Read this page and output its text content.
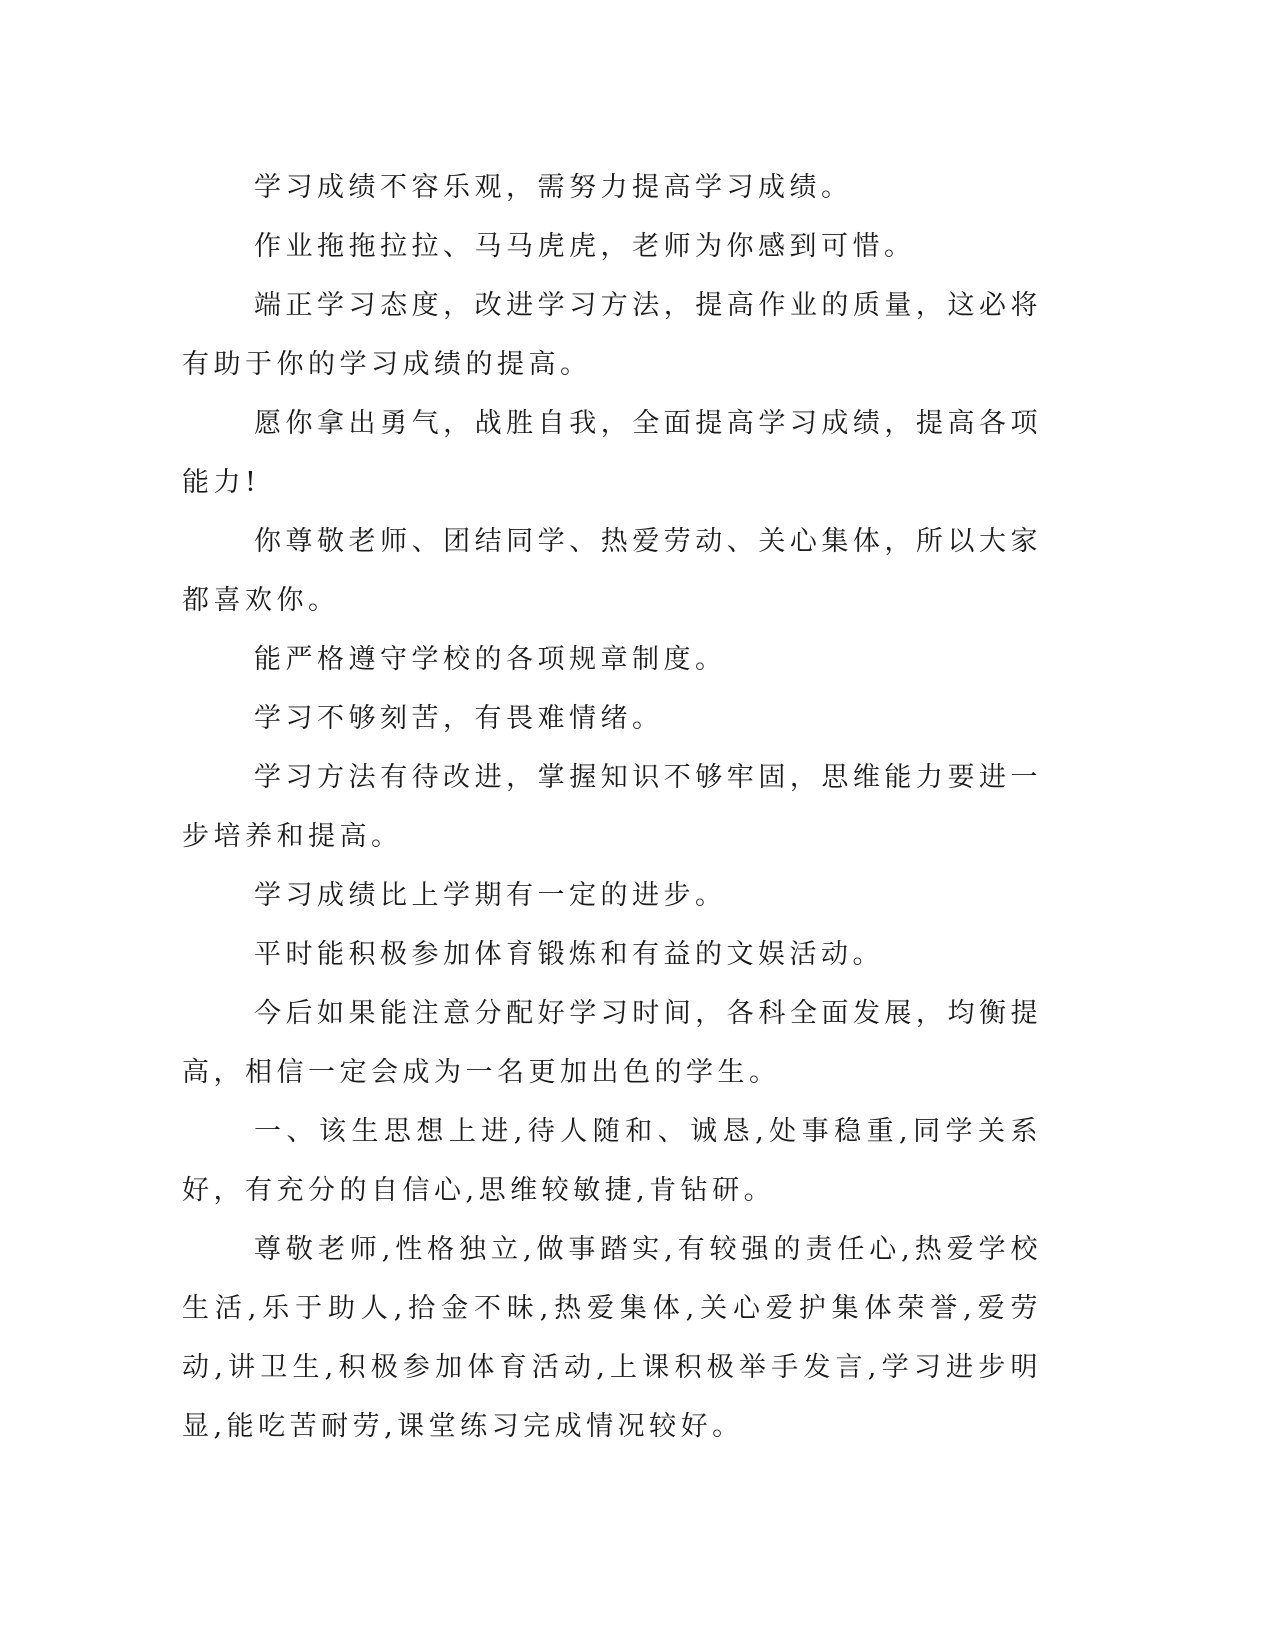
学习成绩不容乐观，需努力提高学习成绩。

作业拖拖拉拉、马马虎虎，老师为你感到可惜。

端正学习态度，改进学习方法，提高作业的质量，这必将有助于你的学习成绩的提高。

愿你拿出勇气，战胜自我，全面提高学习成绩，提高各项能力!

你尊敬老师、团结同学、热爱劳动、关心集体，所以大家都喜欢你。

能严格遵守学校的各项规章制度。

学习不够刻苦，有畏难情绪。

学习方法有待改进，掌握知识不够牢固，思维能力要进一步培养和提高。

学习成绩比上学期有一定的进步。

平时能积极参加体育锻炼和有益的文娱活动。

今后如果能注意分配好学习时间，各科全面发展，均衡提高，相信一定会成为一名更加出色的学生。

一、该生思想上进,待人随和、诚恳,处事稳重,同学关系好，有充分的自信心,思维较敏捷,肯钻研。

尊敬老师,性格独立,做事踏实,有较强的责任心,热爱学校生活,乐于助人,拾金不昧,热爱集体,关心爱护集体荣誉,爱劳动,讲卫生,积极参加体育活动,上课积极举手发言,学习进步明显,能吃苦耐劳,课堂练习完成情况较好。
